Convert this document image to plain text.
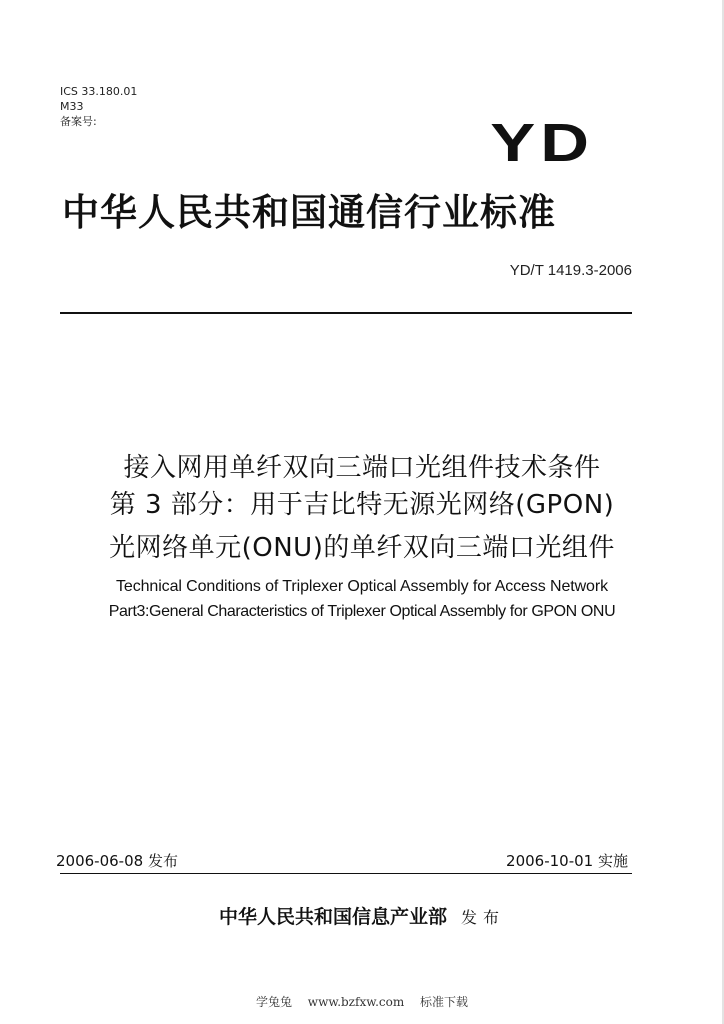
ICS 33.180.01
M33
备案号:	YD
中华人民共和国通信行业标准
YD/T 1419.3-2006
接入网用单纤双向三端口光组件技术条件
第 3 部分：用于吉比特无源光网络(GPON)
光网络单元(ONU)的单纤双向三端口光组件
Technical Conditions of Triplexer Optical Assembly for Access Network
Part3:General Characteristics of Triplexer Optical Assembly for GPON ONU
2006-06-08 发布	2006-10-01 实施
中华人民共和国信息产业部 发布
学兔兔 www.bzfxw.com 标准下载
